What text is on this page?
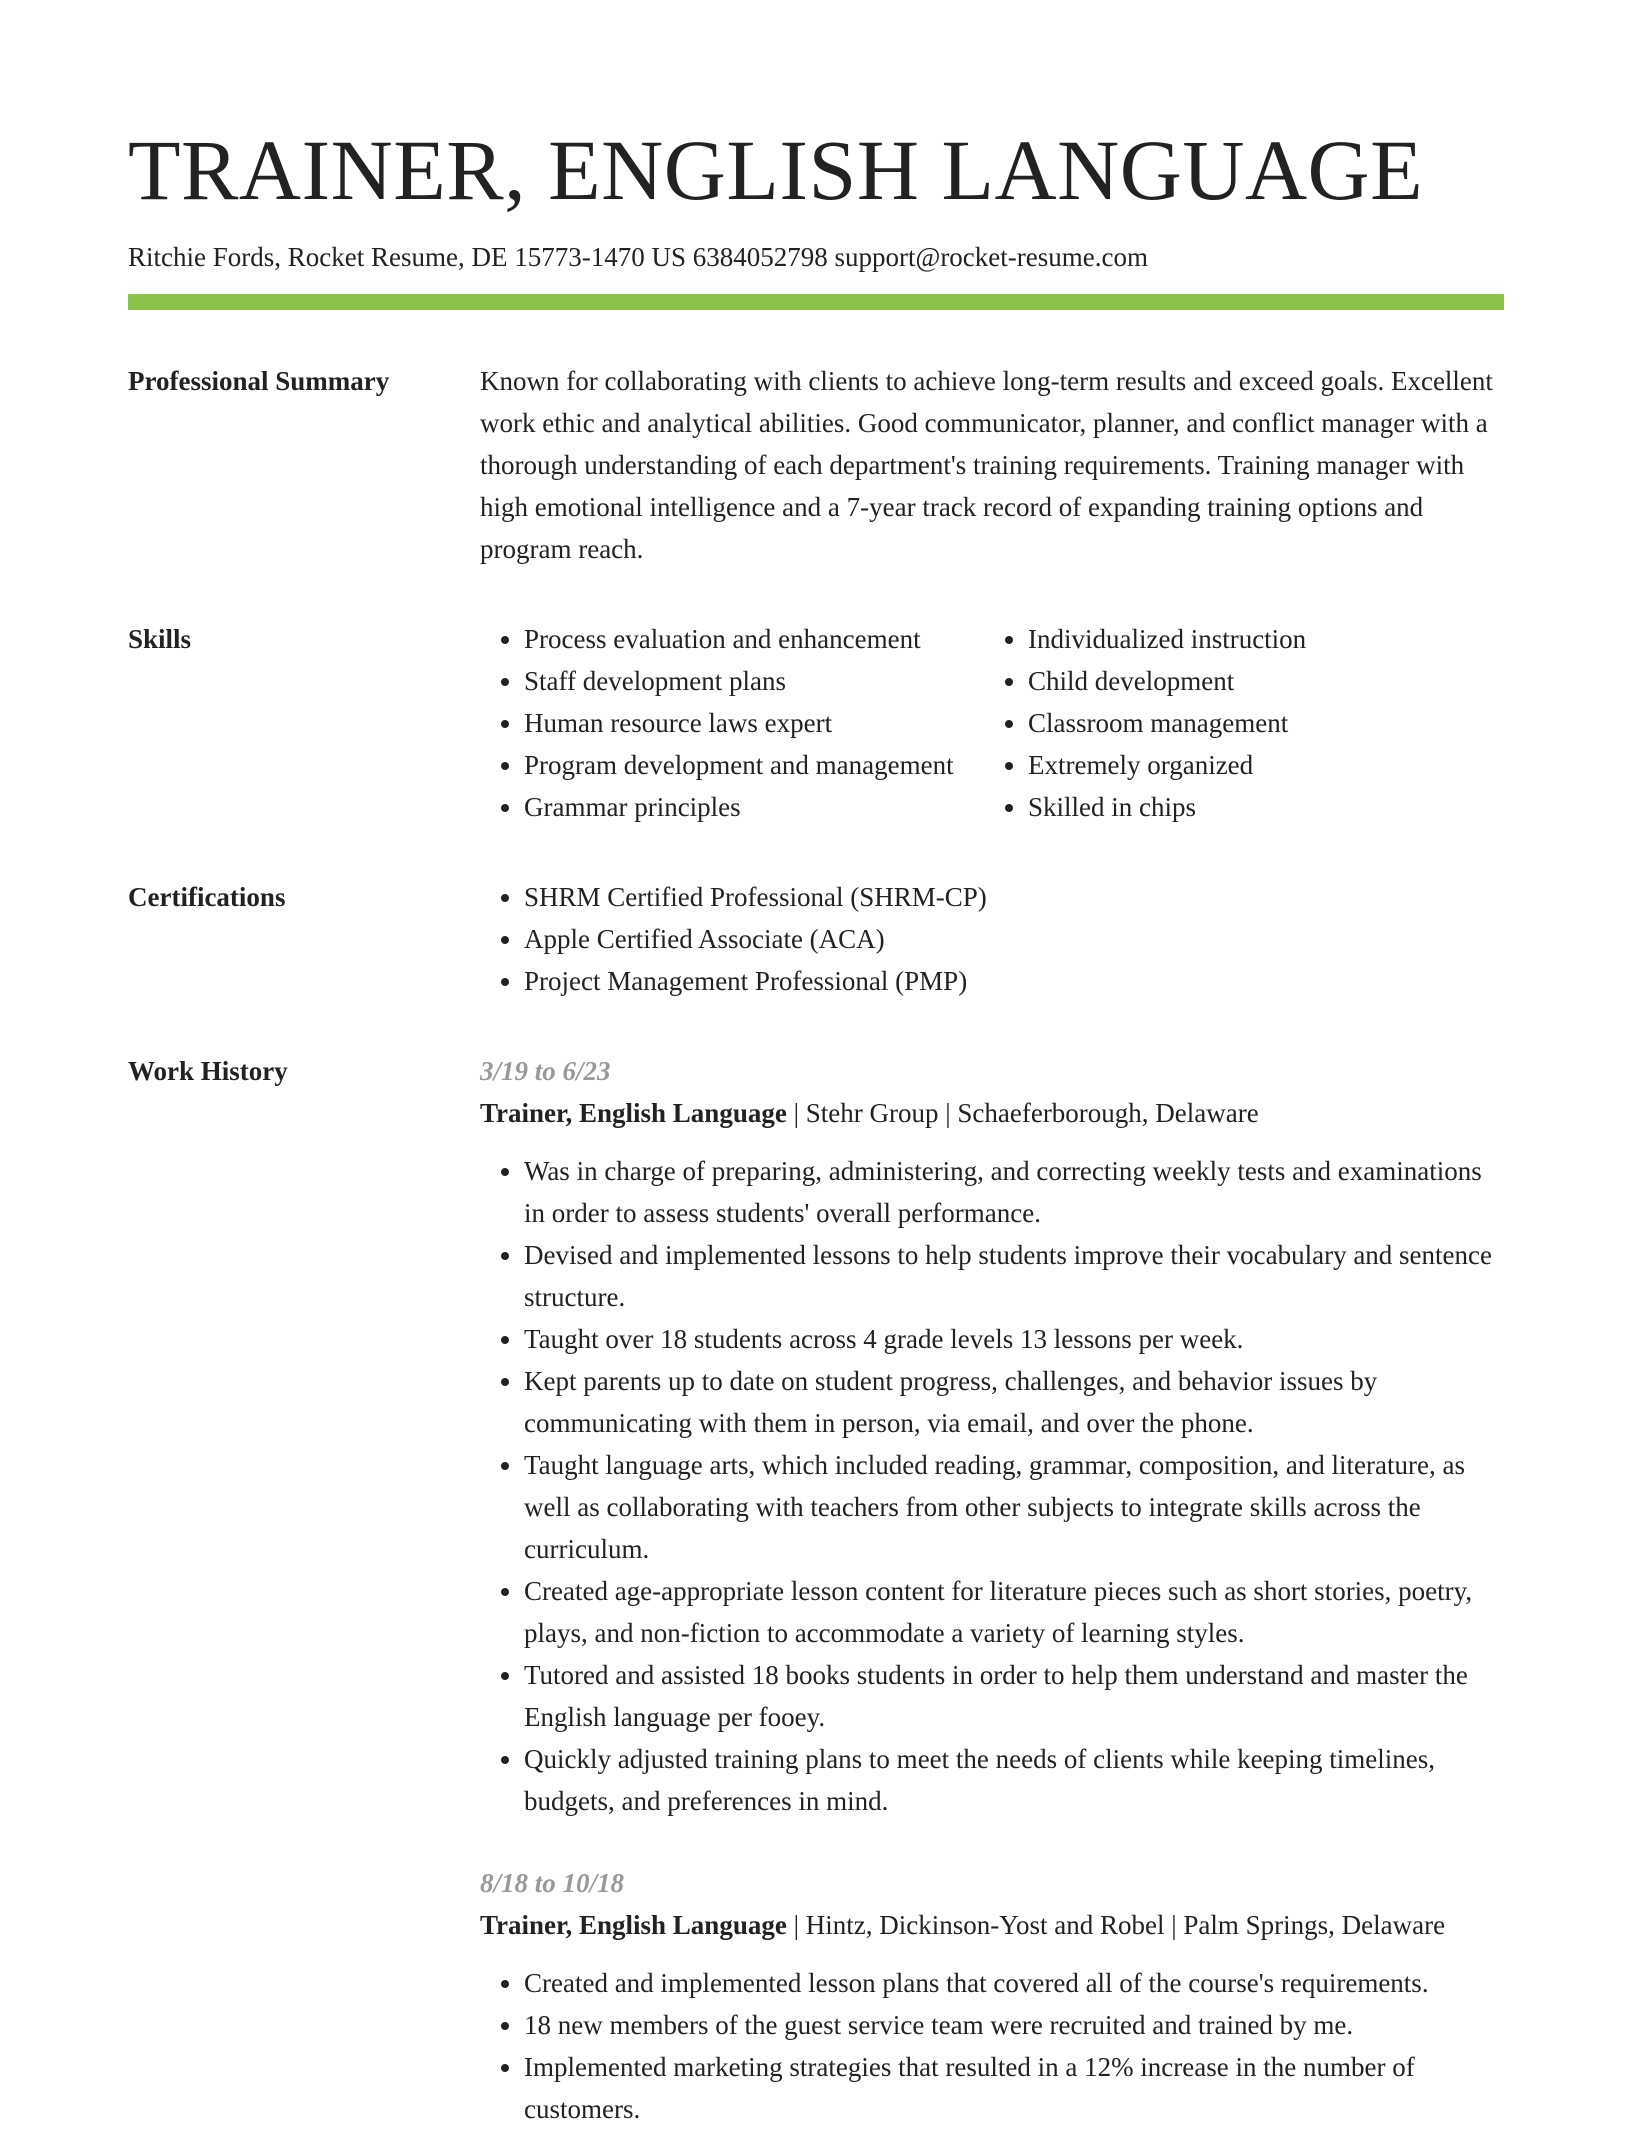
TRAINER, ENGLISH LANGUAGE
Ritchie Fords, Rocket Resume, DE 15773-1470 US 6384052798 support@rocket-resume.com
Professional Summary	Known for collaborating with clients to achieve long-term results and exceed goals. Excellent work ethic and analytical abilities. Good communicator, planner, and conflict manager with a thorough understanding of each department's training requirements. Training manager with high emotional intelligence and a 7-year track record of expanding training options and program reach.

Skills	• Process evaluation and enhancement
• Staff development plans
• Human resource laws expert
• Program development and management
• Grammar principles
• Individualized instruction
• Child development
• Classroom management
• Extremely organized
• Skilled in chips
Certifications	• SHRM Certified Professional (SHRM-CP)
• Apple Certified Associate (ACA)
• Project Management Professional (PMP)
Work History	3/19 to 6/23
Trainer, English Language | Stehr Group | Schaeferborough, Delaware
• Was in charge of preparing, administering, and correcting weekly tests and examinations in order to assess students' overall performance.
• Devised and implemented lessons to help students improve their vocabulary and sentence structure.
• Taught over 18 students across 4 grade levels 13 lessons per week.
• Kept parents up to date on student progress, challenges, and behavior issues by communicating with them in person, via email, and over the phone.
• Taught language arts, which included reading, grammar, composition, and literature, as well as collaborating with teachers from other subjects to integrate skills across the curriculum.
• Created age-appropriate lesson content for literature pieces such as short stories, poetry, plays, and non-fiction to accommodate a variety of learning styles.
• Tutored and assisted 18 books students in order to help them understand and master the English language per fooey.
• Quickly adjusted training plans to meet the needs of clients while keeping timelines, budgets, and preferences in mind.
8/18 to 10/18
Trainer, English Language | Hintz, Dickinson-Yost and Robel | Palm Springs, Delaware
• Created and implemented lesson plans that covered all of the course's requirements.
• 18 new members of the guest service team were recruited and trained by me.
• Implemented marketing strategies that resulted in a 12% increase in the number of customers.
